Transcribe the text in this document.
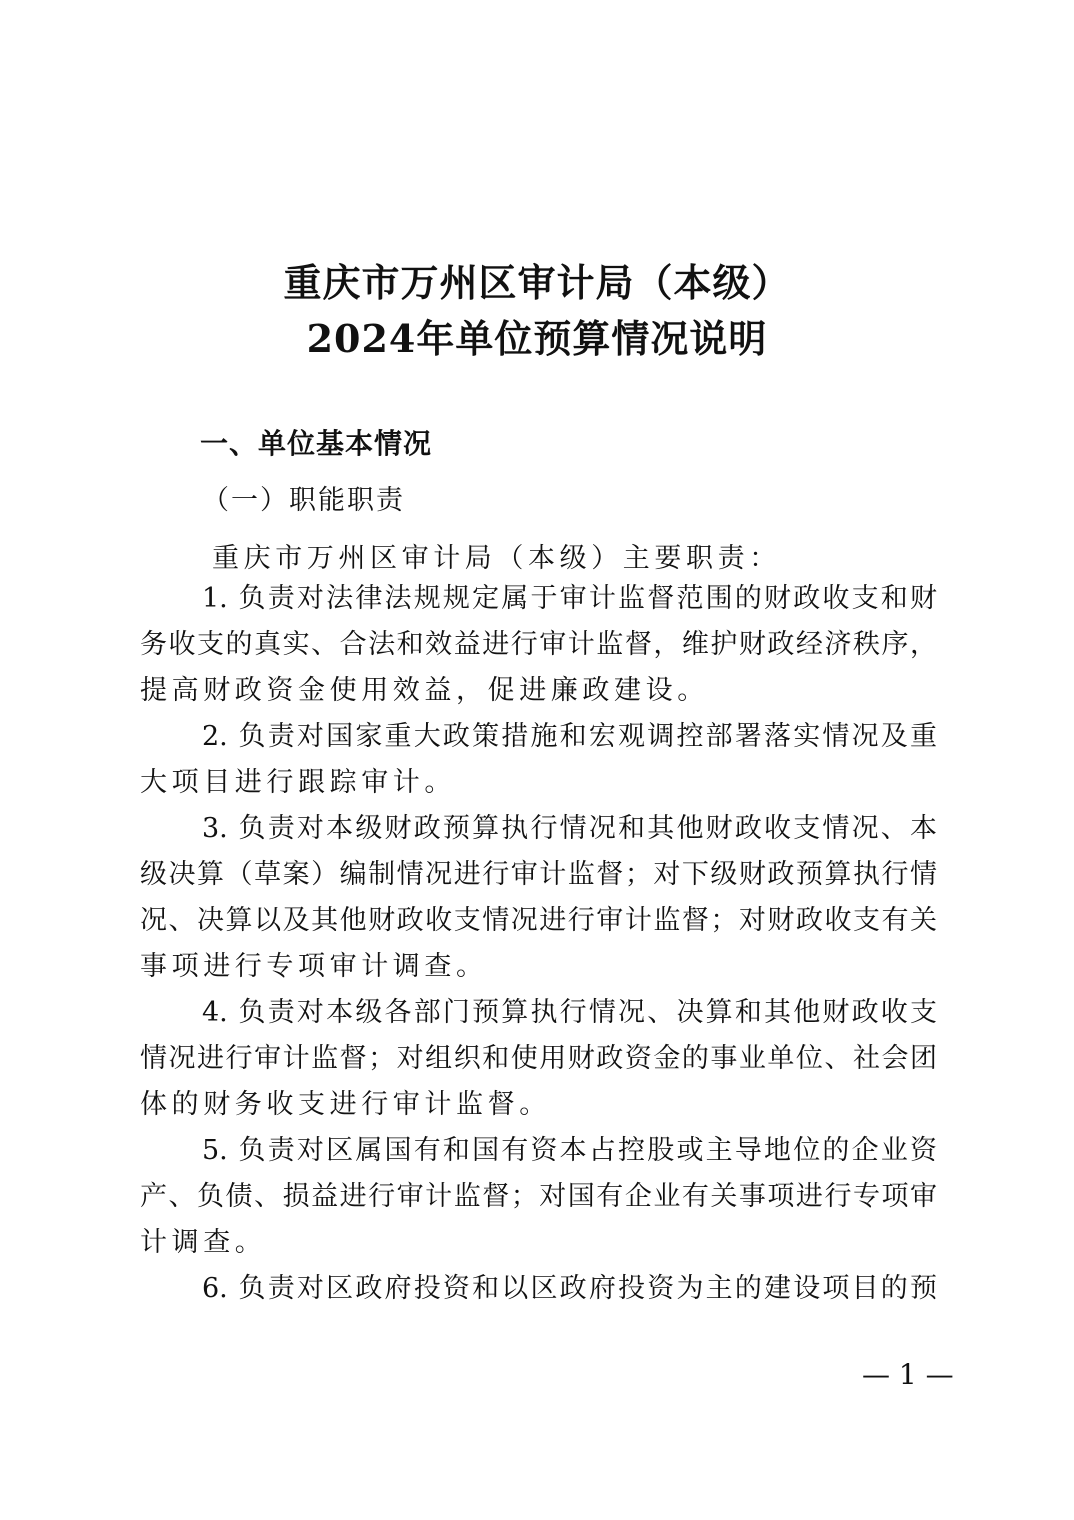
重庆市万州区审计局（本级）
2024年单位预算情况说明
一、单位基本情况
（一）职能职责
重庆市万州区审计局（本级）主要职责：
1. 负责对法律法规规定属于审计监督范围的财政收支和财
务收支的真实、合法和效益进行审计监督，维护财政经济秩序，
提高财政资金使用效益，促进廉政建设。
2. 负责对国家重大政策措施和宏观调控部署落实情况及重
大项目进行跟踪审计。
3. 负责对本级财政预算执行情况和其他财政收支情况、本
级决算（草案）编制情况进行审计监督；对下级财政预算执行情
况、决算以及其他财政收支情况进行审计监督；对财政收支有关
事项进行专项审计调查。
4. 负责对本级各部门预算执行情况、决算和其他财政收支
情况进行审计监督；对组织和使用财政资金的事业单位、社会团
体的财务收支进行审计监督。
5. 负责对区属国有和国有资本占控股或主导地位的企业资
产、负债、损益进行审计监督；对国有企业有关事项进行专项审
计调查。
6. 负责对区政府投资和以区政府投资为主的建设项目的预
— 1 —
